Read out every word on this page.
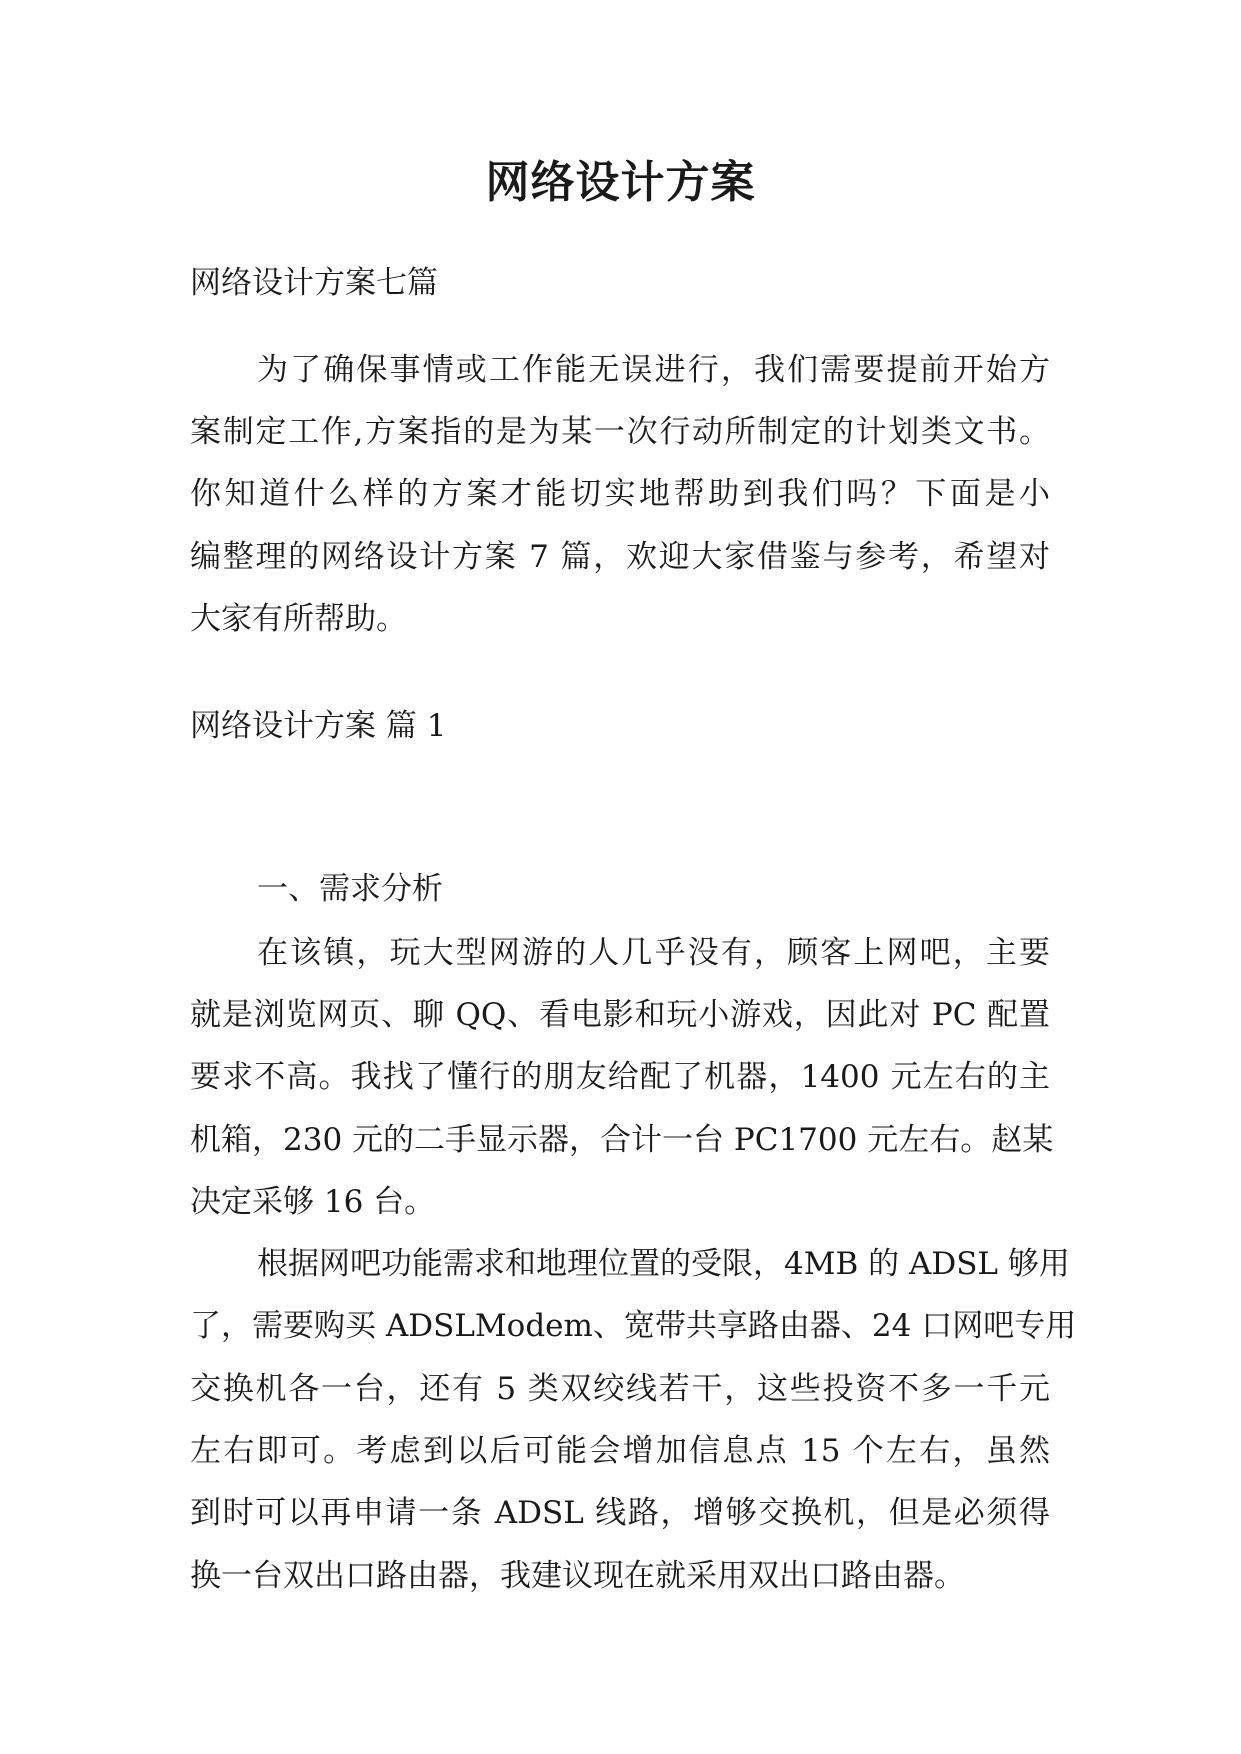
网络设计方案
网络设计方案七篇
为了确保事情或工作能无误进行，我们需要提前开始方
案制定工作,方案指的是为某一次行动所制定的计划类文书。
你知道什么样的方案才能切实地帮助到我们吗？下面是小
编整理的网络设计方案 7 篇，欢迎大家借鉴与参考，希望对
大家有所帮助。
网络设计方案 篇 1
一、需求分析
在该镇，玩大型网游的人几乎没有，顾客上网吧，主要
就是浏览网页、聊 QQ、看电影和玩小游戏，因此对 PC 配置
要求不高。我找了懂行的朋友给配了机器，1400 元左右的主
机箱，230 元的二手显示器，合计一台 PC1700 元左右。赵某
决定采够 16 台。
根据网吧功能需求和地理位置的受限，4MB 的 ADSL 够用
了，需要购买 ADSLModem、宽带共享路由器、24 口网吧专用
交换机各一台，还有 5 类双绞线若干，这些投资不多一千元
左右即可。考虑到以后可能会增加信息点 15 个左右，虽然
到时可以再申请一条 ADSL 线路，增够交换机，但是必须得
换一台双出口路由器，我建议现在就采用双出口路由器。
